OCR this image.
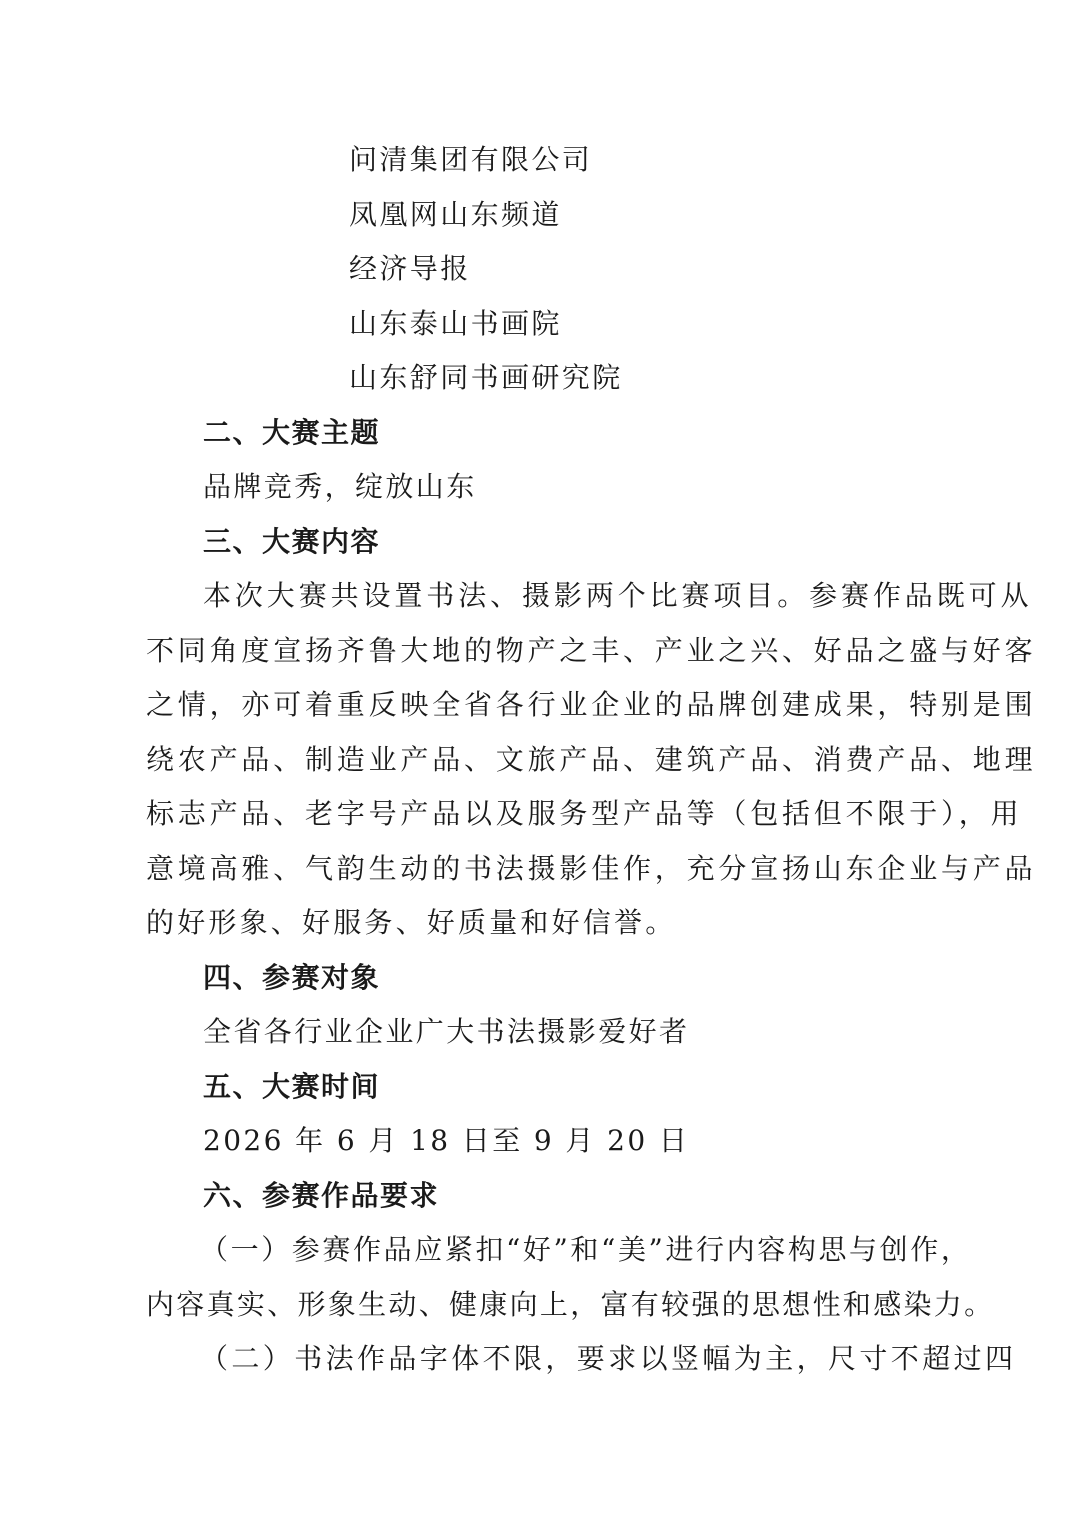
问清集团有限公司
凤凰网山东频道
经济导报
山东泰山书画院
山东舒同书画研究院
二、大赛主题
品牌竞秀，绽放山东
三、大赛内容
本次大赛共设置书法、摄影两个比赛项目。参赛作品既可从
不同角度宣扬齐鲁大地的物产之丰、产业之兴、好品之盛与好客
之情，亦可着重反映全省各行业企业的品牌创建成果，特别是围
绕农产品、制造业产品、文旅产品、建筑产品、消费产品、地理
标志产品、老字号产品以及服务型产品等（包括但不限于），用
意境高雅、气韵生动的书法摄影佳作，充分宣扬山东企业与产品
的好形象、好服务、好质量和好信誉。
四、参赛对象
全省各行业企业广大书法摄影爱好者
五、大赛时间
2026 年 6 月 18 日至 9 月 20 日
六、参赛作品要求
（一）参赛作品应紧扣“好”和“美”进行内容构思与创作，
内容真实、形象生动、健康向上，富有较强的思想性和感染力。
（二）书法作品字体不限，要求以竖幅为主，尺寸不超过四
